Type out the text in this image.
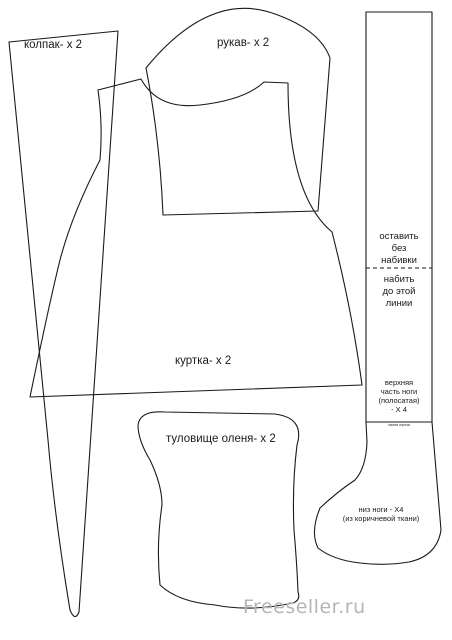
колпак- х 2	рукав- х 2
куртка- х 2
туловище оленя- х 2
оставить
без
набивки
набить
до этой
линии
верхняя
часть ноги
(полосатая)
- Х 4
линия отреза
низ ноги - Х4
(из коричневой ткани)
Freeseller.ru
